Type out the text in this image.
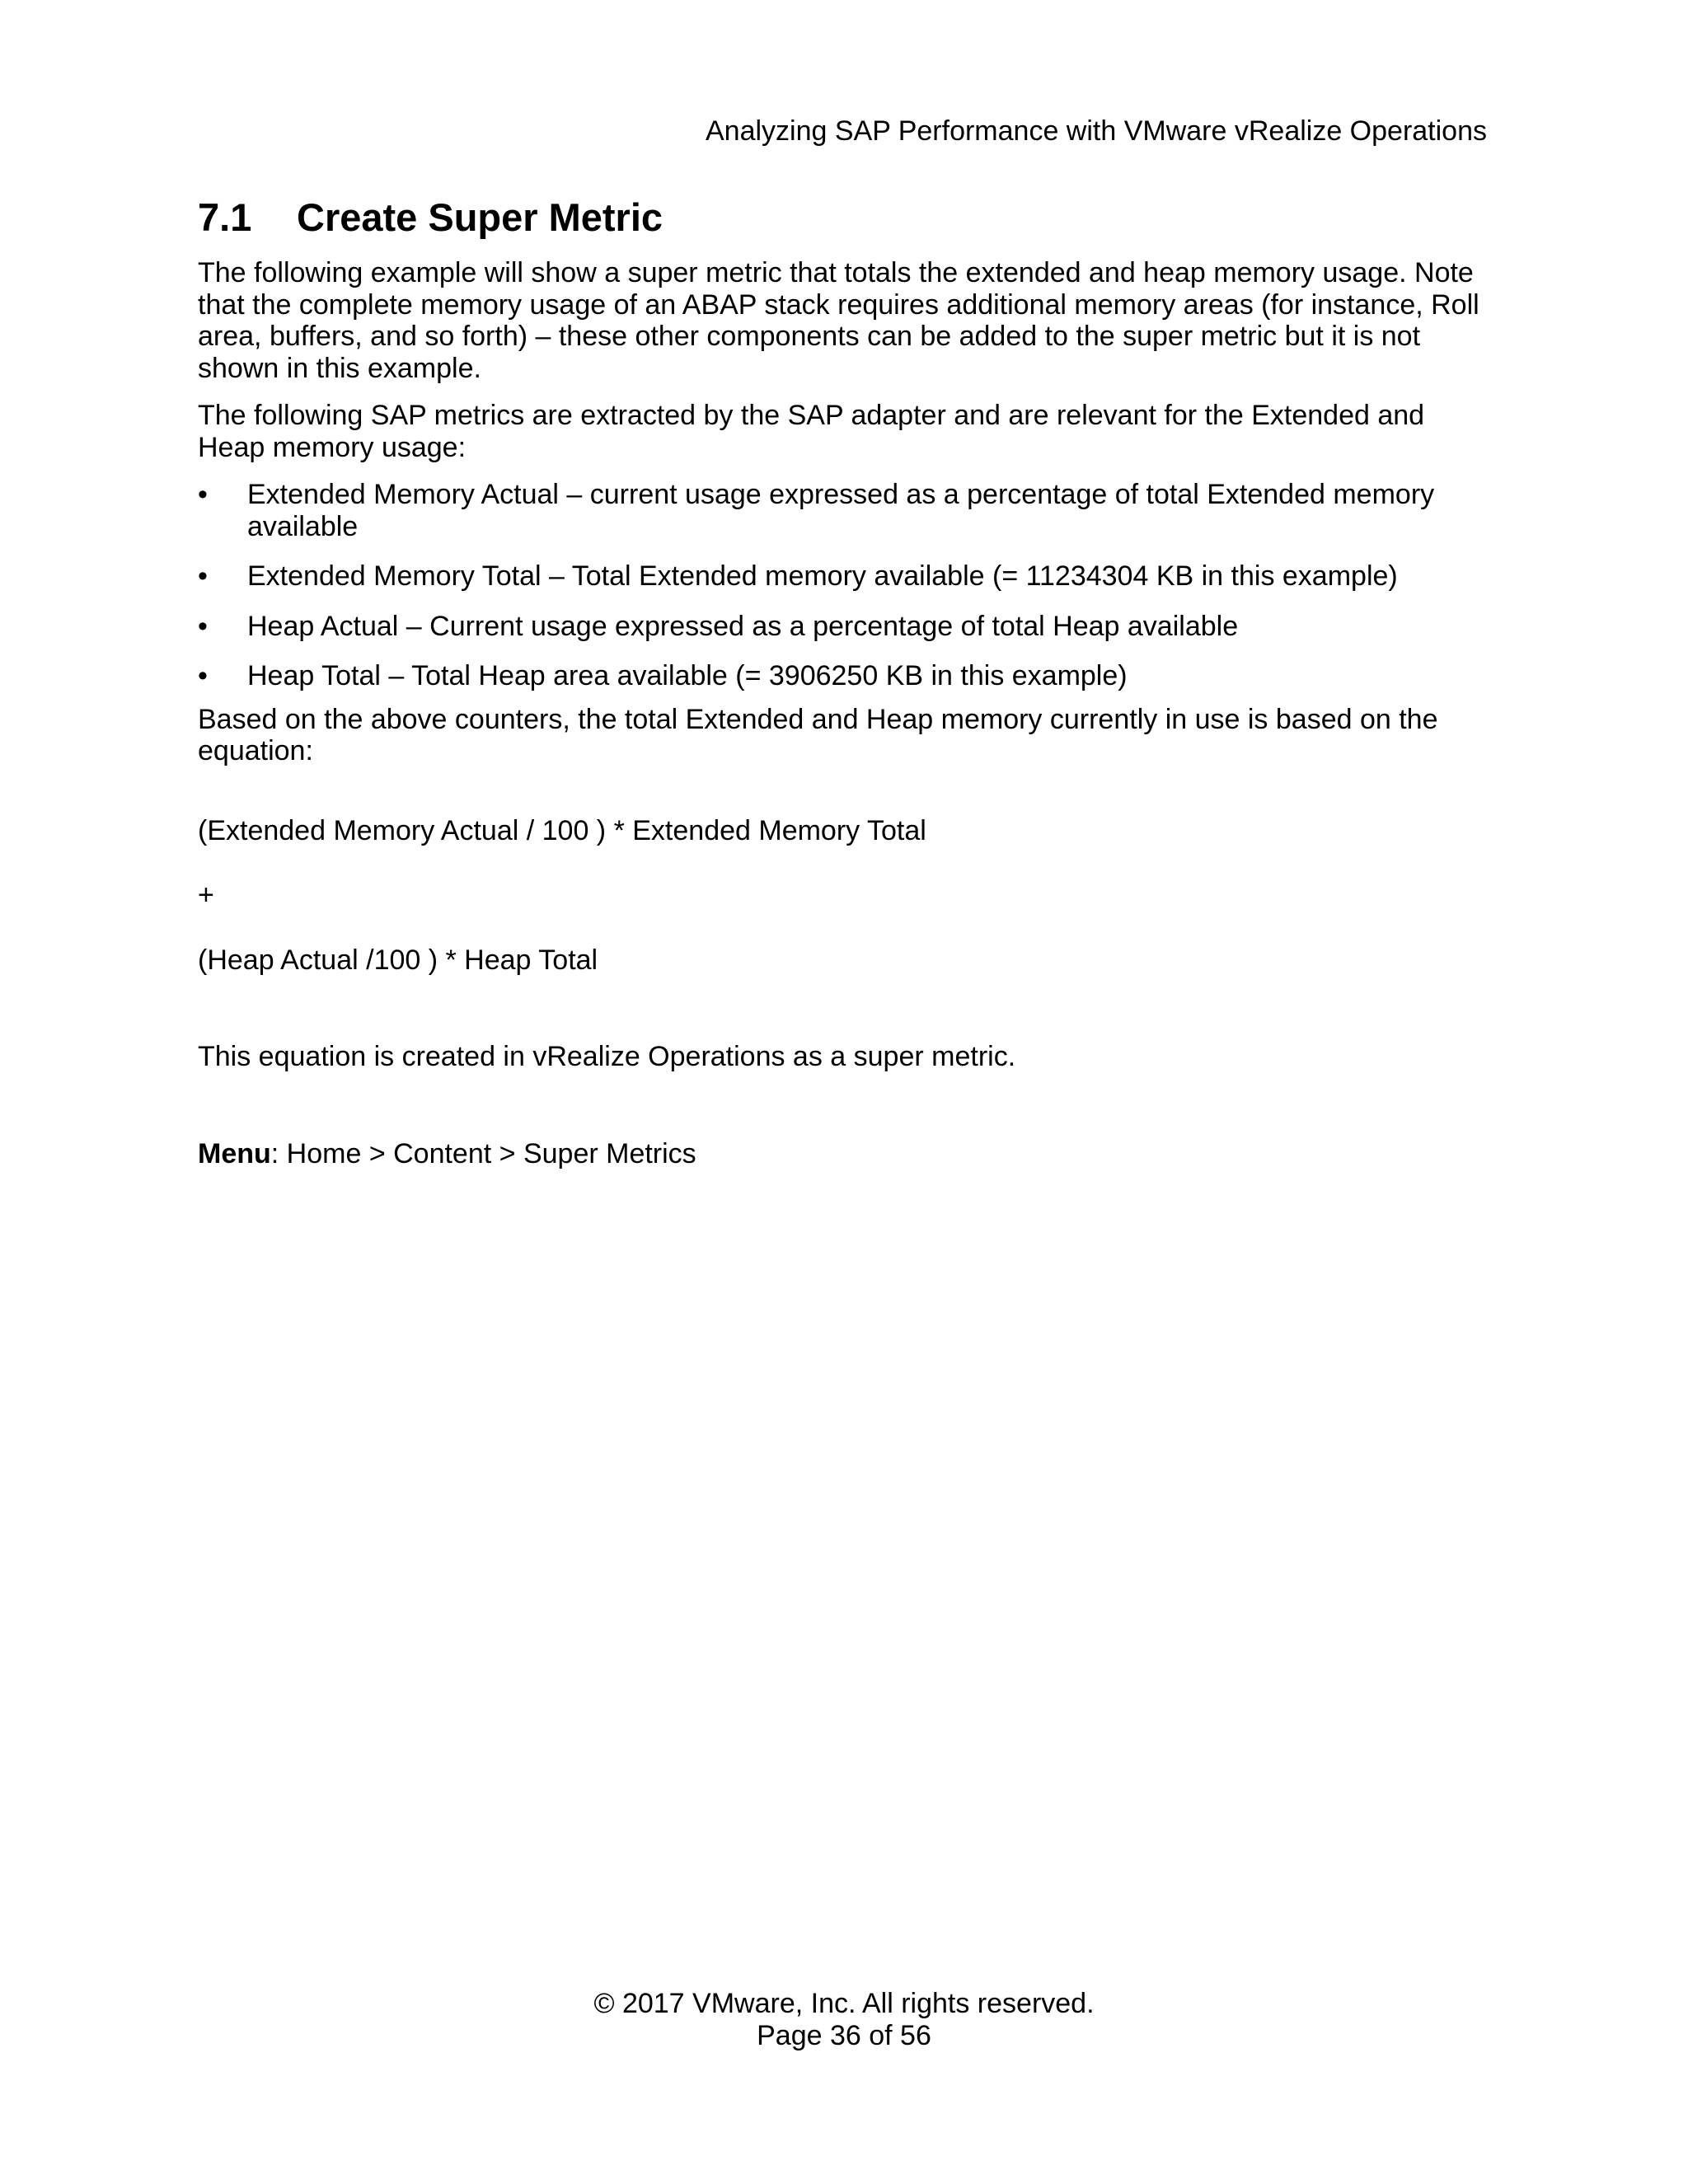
Analyzing SAP Performance with VMware vRealize Operations
7.1 Create Super Metric

The following example will show a super metric that totals the extended and heap memory usage. Note that the complete memory usage of an ABAP stack requires additional memory areas (for instance, Roll area, buffers, and so forth) – these other components can be added to the super metric but it is not shown in this example.

The following SAP metrics are extracted by the SAP adapter and are relevant for the Extended and Heap memory usage:

•	Extended Memory Actual – current usage expressed as a percentage of total Extended memory available
•	Extended Memory Total – Total Extended memory available (= 11234304 KB in this example)
•	Heap Actual – Current usage expressed as a percentage of total Heap available
•	Heap Total – Total Heap area available (= 3906250 KB in this example)

Based on the above counters, the total Extended and Heap memory currently in use is based on the equation:

(Extended Memory Actual / 100 ) * Extended Memory Total

+

(Heap Actual /100 ) * Heap Total

This equation is created in vRealize Operations as a super metric.

Menu: Home > Content > Super Metrics

© 2017 VMware, Inc. All rights reserved.
Page 36 of 56
